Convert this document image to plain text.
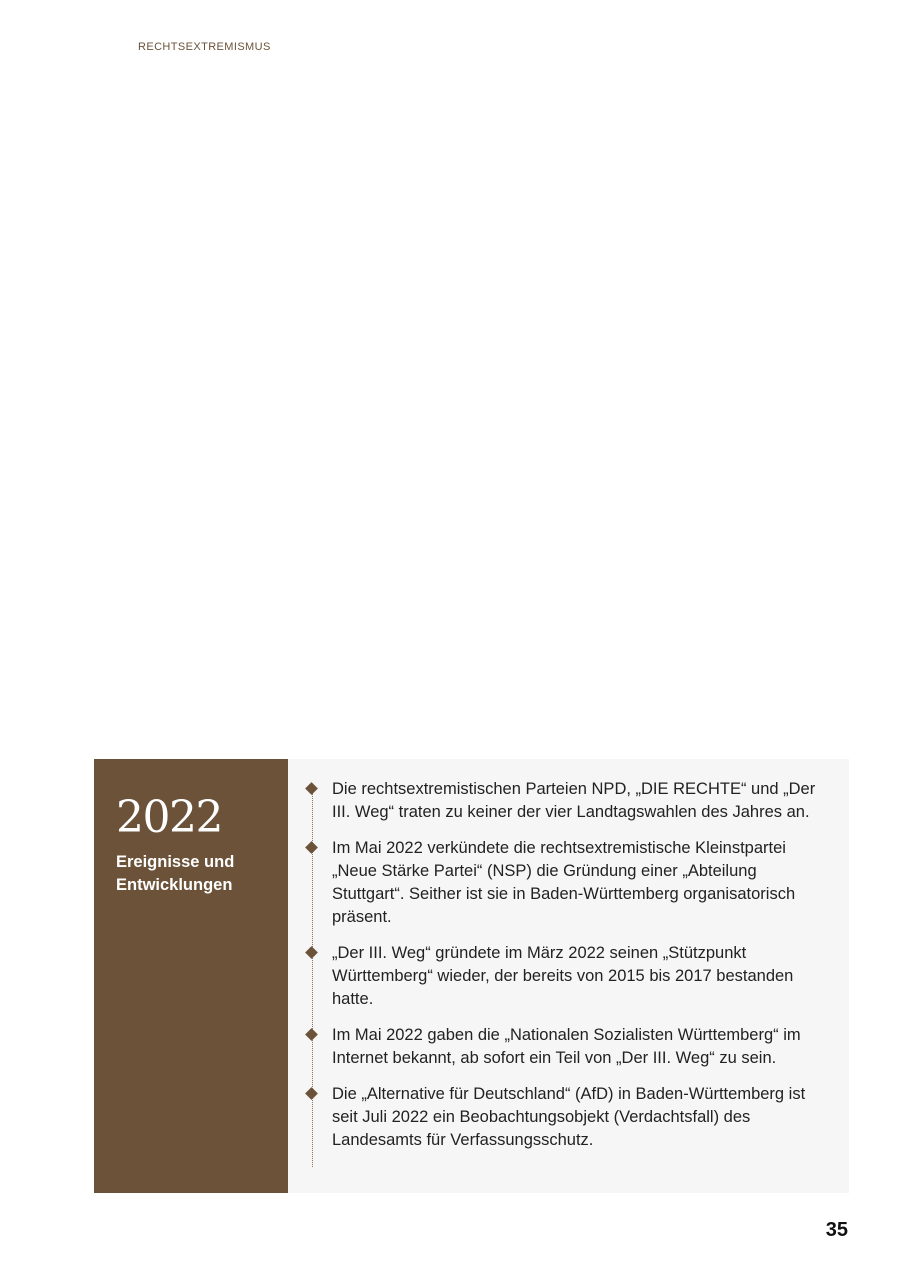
RECHTSEXTREMISMUS
2022

Ereignisse und
Entwicklungen

Die rechtsextremistischen Parteien NPD, „DIE RECHTE“ und „Der III. Weg“ traten zu keiner der vier Landtagswahlen des Jahres an.
Im Mai 2022 verkündete die rechtsextremistische Kleinstpartei „Neue Stärke Partei“ (NSP) die Gründung einer „Abteilung Stuttgart“. Seither ist sie in Baden-Württemberg organisatorisch präsent.
„Der III. Weg“ gründete im März 2022 seinen „Stützpunkt Württemberg“ wieder, der bereits von 2015 bis 2017 bestanden hatte.
Im Mai 2022 gaben die „Nationalen Sozialisten Württemberg“ im Internet bekannt, ab sofort ein Teil von „Der III. Weg“ zu sein.
Die „Alternative für Deutschland“ (AfD) in Baden-Württemberg ist seit Juli 2022 ein Beobachtungsobjekt (Verdachtsfall) des Landesamts für Verfassungsschutz.
35
